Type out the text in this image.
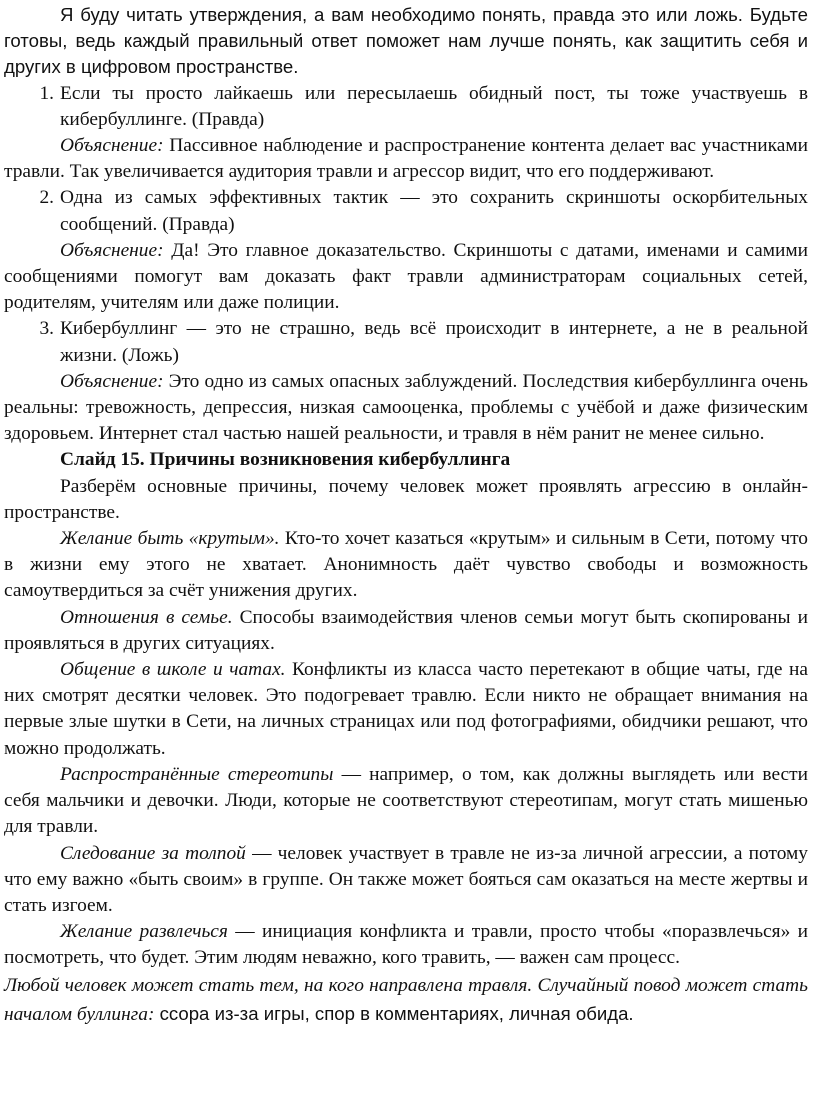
Я буду читать утверждения, а вам необходимо понять, правда это или ложь. Будьте готовы, ведь каждый правильный ответ поможет нам лучше понять, как защитить себя и других в цифровом пространстве.

1. Если ты просто лайкаешь или пересылаешь обидный пост, ты тоже участвуешь в кибербуллинге. (Правда)

Объяснение: Пассивное наблюдение и распространение контента делает вас участниками травли. Так увеличивается аудитория травли и агрессор видит, что его поддерживают.

2. Одна из самых эффективных тактик — это сохранить скриншоты оскорбительных сообщений. (Правда)

Объяснение: Да! Это главное доказательство. Скриншоты с датами, именами и самими сообщениями помогут вам доказать факт травли администраторам социальных сетей, родителям, учителям или даже полиции.

3. Кибербуллинг — это не страшно, ведь всё происходит в интернете, а не в реальной жизни. (Ложь)

Объяснение: Это одно из самых опасных заблуждений. Последствия кибербуллинга очень реальны: тревожность, депрессия, низкая самооценка, проблемы с учёбой и даже физическим здоровьем. Интернет стал частью нашей реальности, и травля в нём ранит не менее сильно.

Слайд 15. Причины возникновения кибербуллинга

Разберём основные причины, почему человек может проявлять агрессию в онлайн-пространстве.

Желание быть «крутым». Кто-то хочет казаться «крутым» и сильным в Сети, потому что в жизни ему этого не хватает. Анонимность даёт чувство свободы и возможность самоутвердиться за счёт унижения других.

Отношения в семье. Способы взаимодействия членов семьи могут быть скопированы и проявляться в других ситуациях.

Общение в школе и чатах. Конфликты из класса часто перетекают в общие чаты, где на них смотрят десятки человек. Это подогревает травлю. Если никто не обращает внимания на первые злые шутки в Сети, на личных страницах или под фотографиями, обидчики решают, что можно продолжать.

Распространённые стереотипы — например, о том, как должны выглядеть или вести себя мальчики и девочки. Люди, которые не соответствуют стереотипам, могут стать мишенью для травли.

Следование за толпой — человек участвует в травле не из-за личной агрессии, а потому что ему важно «быть своим» в группе. Он также может бояться сам оказаться на месте жертвы и стать изгоем.

Желание развлечься — инициация конфликта и травли, просто чтобы «поразвлечься» и посмотреть, что будет. Этим людям неважно, кого травить, — важен сам процесс.

Любой человек может стать тем, на кого направлена травля. Случайный повод может стать началом буллинга: ссора из-за игры, спор в комментариях, личная обида.
